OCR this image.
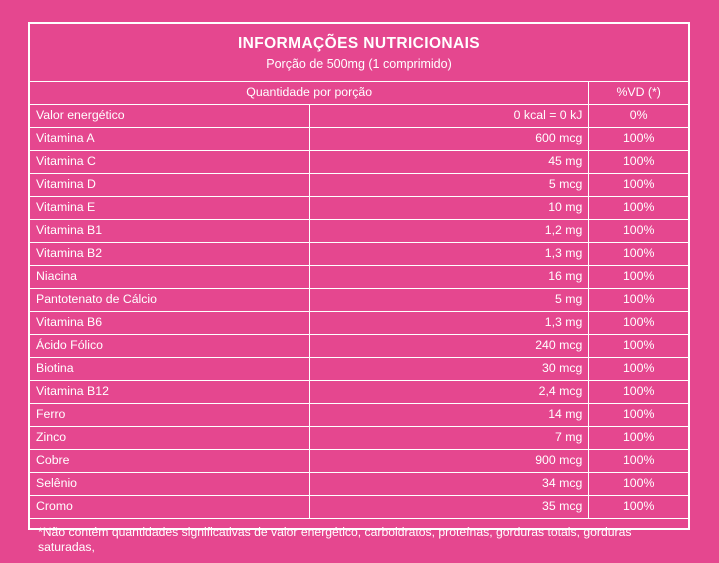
INFORMAÇÕES NUTRICIONAIS
Porção de 500mg (1 comprimido)
Quantidade por porção		%VD (*)
Valor energético	0 kcal = 0 kJ	0%
Vitamina A	600 mcg	100%
Vitamina C	45 mg	100%
Vitamina D	5 mcg	100%
Vitamina E	10 mg	100%
Vitamina B1	1,2 mg	100%
Vitamina B2	1,3 mg	100%
Niacina	16 mg	100%
Pantotenato de Cálcio	5 mg	100%
Vitamina B6	1,3 mg	100%
Ácido Fólico	240 mcg	100%
Biotina	30 mcg	100%
Vitamina B12	2,4 mcg	100%
Ferro	14 mg	100%
Zinco	7 mg	100%
Cobre	900 mcg	100%
Selênio	34 mcg	100%
Cromo	35 mcg	100%
*Não contém quantidades significativas de valor energético, carboidratos, proteínas, gorduras totais, gorduras saturadas,
